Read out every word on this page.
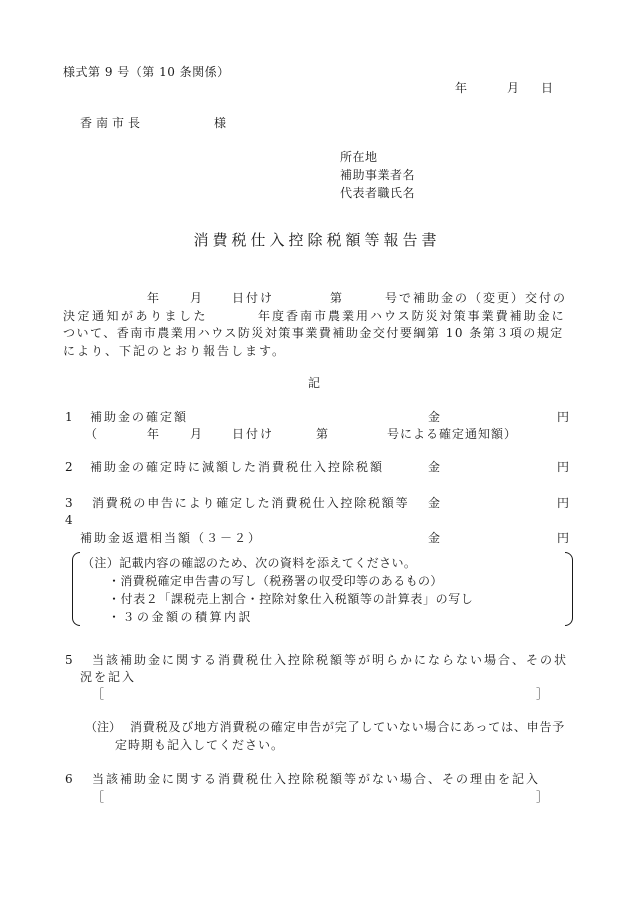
様式第 9 号（第 10 条関係）
年	月 日
香南市長	様
所在地
補助事業者名
代表者職氏名
消費税仕入控除税額等報告書
年	月 日付け	第	号で補助金の（変更）交付の
決定通知がありました	年度香南市農業用ハウス防災対策事業費補助金に
ついて、香南市農業用ハウス防災対策事業費補助金交付要綱第 10 条第３項の規定
により、下記のとおり報告します。
記
1 補助金の確定額	金	円
（	年	月 日付け	第	号による確定通知額）
2 補助金の確定時に減額した消費税仕入控除税額	金	円
3 消費税の申告により確定した消費税仕入控除税額等 金	円
4
補助金返還相当額（３－２）	金	円
（注）記載内容の確認のため、次の資料を添えてください。
・消費税確定申告書の写し（税務署の収受印等のあるもの）
・付表２「課税売上割合・控除対象仕入税額等の計算表」の写し
・３の金額の積算内訳
5 当該補助金に関する消費税仕入控除税額等が明らかにならない場合、その状
況を記入
［	］
（注） 消費税及び地方消費税の確定申告が完了していない場合にあっては、申告予
定時期も記入してください。
6 当該補助金に関する消費税仕入控除税額等がない場合、その理由を記入
［	］
